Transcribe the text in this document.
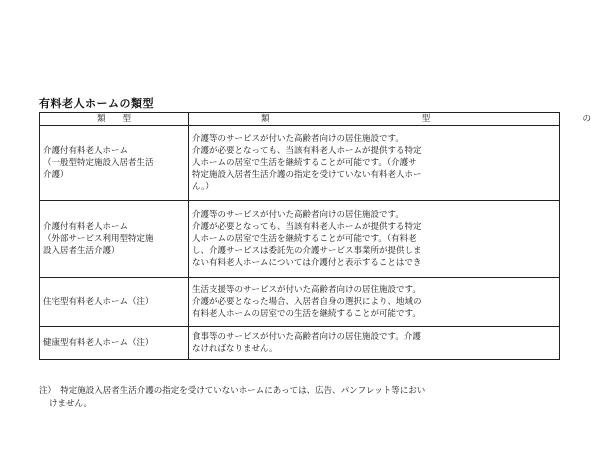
有料老人ホームの類型
類　　型	類 型 の

介護付有料老人ホーム
（一般型特定施設入居者生活
介護）	介護等のサービスが付いた高齢者向けの居住施設です。
介護が必要となっても、当該有料老人ホームが提供する特定
人ホームの居室で生活を継続することが可能です。（介護サ
特定施設入居者生活介護の指定を受けていない有料老人ホー
ん。）

介護付有料老人ホーム
（外部サービス利用型特定施
設入居者生活介護）	介護等のサービスが付いた高齢者向けの居住施設です。
介護が必要となっても、当該有料老人ホームが提供する特定
人ホームの居室で生活を継続することが可能です。（有料老
し、介護サービスは委託先の介護サービス事業所が提供しま
ない有料老人ホームについては介護付と表示することはでき

住宅型有料老人ホーム（注）	生活支援等のサービスが付いた高齢者向けの居住施設です。
介護が必要となった場合、入居者自身の選択により、地域の
有料老人ホームの居室での生活を継続することが可能です。

健康型有料老人ホーム（注）	食事等のサービスが付いた高齢者向けの居住施設です。介護
なければなりません。
注）　特定施設入居者生活介護の指定を受けていないホームにあっては、広告、パンフレット等におい
けません。
